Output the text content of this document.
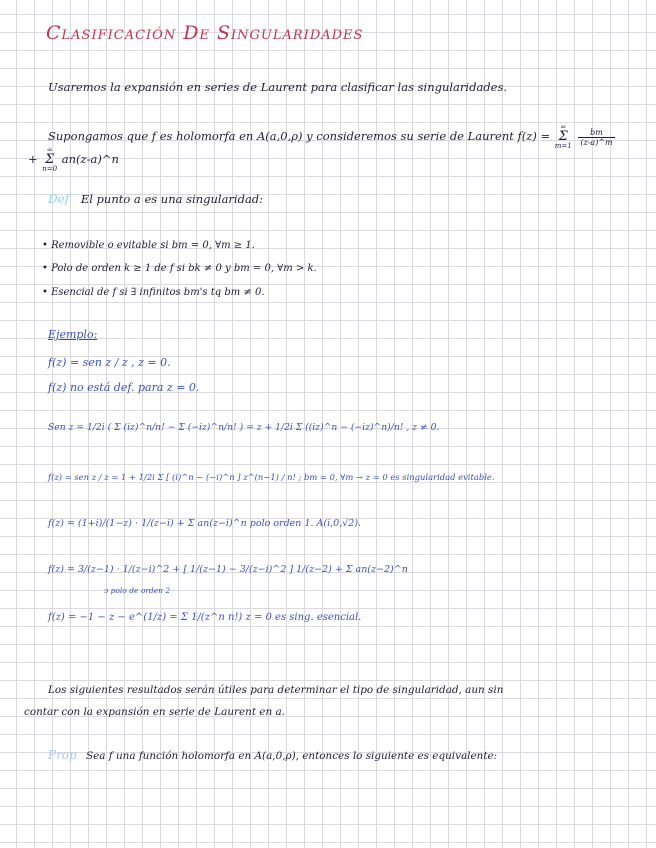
Clasificación De Singularidades
Usaremos la expansión en series de Laurent para clasificar las singularidades.
Supongamos que f es holomorfa en A(a,0,ρ) y consideremos su serie de Laurent f(z) = ∞
Σ
$m=1 \frac{bm}{(z-a)\^{}m}$
+ ∞
Σ
n=0 an(z-a)^n
Def El punto a es una singularidad:
• Removible o evitable si bm = 0, ∀m ≥ 1.
• Polo de orden k ≥ 1 de f si bk ≠ 0 y bm = 0, ∀m > k.
• Esencial de f si ∃ infinitos bm's tq bm ≠ 0.
Ejemplo:
f(z) = sen z / z , z = 0.
f(z) no está def. para z = 0.
Sen z = 1/2i ( Σ (iz)^n/n! − Σ (−iz)^n/n! ) = z + 1/2i Σ ((iz)^n − (−iz)^n)/n! , z ≠ 0.
f(z) = sen z / z = 1 + 1/2i Σ [ (i)^n − (−i)^n ] z^(n−1) / n! ; bm = 0, ∀m → z = 0 es singularidad evitable.
f(z) = (1+i)/(1−z) · 1/(z−i) + Σ an(z−i)^n polo orden 1. A(i,0,√2).
f(z) = 3/(z−1) · 1/(z−i)^2 + [ 1/(z−1) − 3/(z−i)^2 ] 1/(z−2) + Σ an(z−2)^n
ↄ polo de orden 2
f(z) = −1 − z − e^(1/z) = Σ 1/(z^n n!) z = 0 es sing. esencial.
Los siguientes resultados serán útiles para determinar el tipo de singularidad, aun sin
contar con la expansión en serie de Laurent en a.
Prop Sea f una función holomorfa en A(a,0,ρ), entonces lo siguiente es equivalente:
